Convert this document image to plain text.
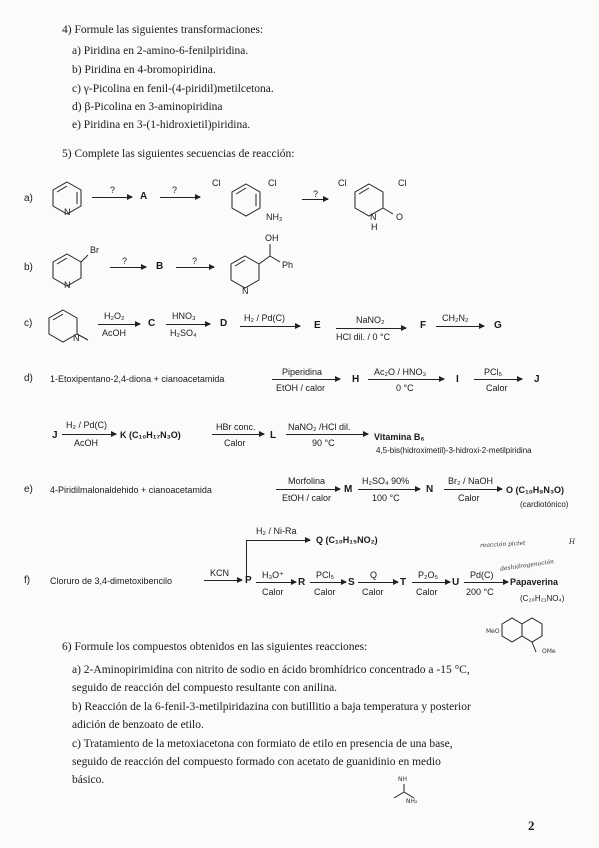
4) Formule las siguientes transformaciones:
a) Piridina en 2-amino-6-fenilpiridina.
b) Piridina en 4-bromopiridina.
c) γ-Picolina en fenil-(4-piridil)metilcetona.
d) β-Picolina en 3-aminopiridina
e) Piridina en 3-(1-hidroxietil)piridina.
5) Complete las siguientes secuencias de reacción:
a)
N
?
→ A
?
Cl	Cl
NH₂
?
Cl	Cl
N
H
O
b)
Br
N
? → B	?
OH
Ph
N
c)
N
H₂O₂
AcOH
C
HNO₃
H₂SO₄
D H₂ / Pd(C)
→ E	NaNO₂
HCl dil. / 0 °C
F
CH₂N₂
→ G
d) 1-Etoxipentano-2,4-diona + cianoacetamida
Piperidina
EtOH / calor
H
Ac₂O / HNO₃
0 °C
I
PCl₅
Calor
J
J
H₂ / Pd(C)
AcOH
K (C₁₀H₁₇N₃O)
HBr conc.
Calor
L
NaNO₂ /HCl dil.
90 °C
Vitamina B₆
4,5-bis(hidroximetil)-3-hidroxi-2-metilpiridina
e) 4-Piridilmalonaldehido + cianoacetamida
Morfolina
EtOH / calor
M
H₂SO₄ 90%
100 °C
N
Br₂ / NaOH
Calor
O (C₁₀H₉N₃O)
(cardiotónico)
H₂ / Ni-Ra
→ Q (C₁₀H₁₅NO₂)
f) Cloruro de 3,4-dimetoxibencilo
KCN
→ P H₃O⁺
Calor
R
PCl₅
Calor
S
Q
Calor
T
P₂O₅
Calor
U
Pd(C)
200 °C
Papaverina
(C₂₀H₂₁NO₄)
reacción pictet
deshidrogenación
H
MeO
OMe
6) Formule los compuestos obtenidos en las siguientes reacciones:
a) 2-Aminopirimidina con nitrito de sodio en ácido bromhídrico concentrado a -15 °C,
seguido de reacción del compuesto resultante con anilina.
b) Reacción de la 6-fenil-3-metilpiridazina con butillitio a baja temperatura y posterior
adición de benzoato de etilo.
c) Tratamiento de la metoxiacetona con formiato de etilo en presencia de una base,
seguido de reacción del compuesto formado con acetato de guanidinio en medio
básico.	NH
NH₂
2
